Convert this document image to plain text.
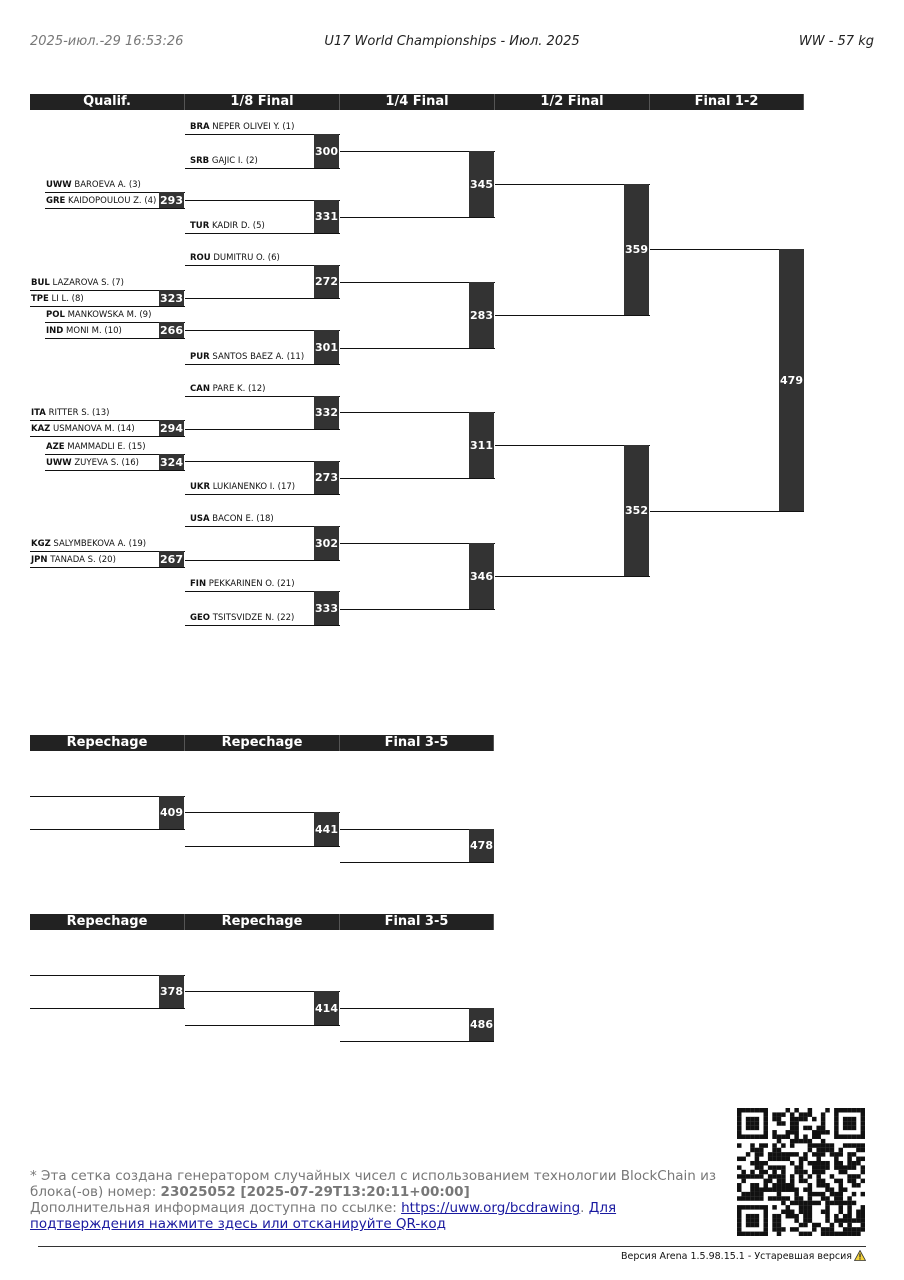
2025-июл.-29 16:53:26	U17 World Championships - Июл. 2025	WW - 57 kg
Qualif.	1/8 Final	1/4 Final	1/2 Final	Final 1-2
Repechage	Repechage	Final 3-5
Repechage	Repechage	Final 3-5
* Эта сетка создана генератором случайных чисел с использованием технологии BlockChain из блока(-ов) номер: 23025052 [2025-07-29T13:20:11+00:00]
Дополнительная информация доступна по ссылке: https://uww.org/bcdrawing. Для подтверждения нажмите здесь или отсканируйте QR-код
Версия Arena 1.5.98.15.1 - Устаревшая версия
293
UWW BAROEVA A. (3)
GRE KAIDOPOULOU Z. (4)
323
BUL LAZAROVA S. (7)
TPE LI L. (8)
266
POL MANKOWSKA M. (9)
IND MONI M. (10)
294
ITA RITTER S. (13)
KAZ USMANOVA M. (14)
324
AZE MAMMADLI E. (15)
UWW ZUYEVA S. (16)
267
KGZ SALYMBEKOVA A. (19)
JPN TANADA S. (20)
300
BRA NEPER OLIVEI Y. (1)
SRB GAJIC I. (2)
331
TUR KADIR D. (5)
272
ROU DUMITRU O. (6)
301
PUR SANTOS BAEZ A. (11)
332
CAN PARE K. (12)
273
UKR LUKIANENKO I. (17)
302
USA BACON E. (18)
333
FIN PEKKARINEN O. (21)
GEO TSITSVIDZE N. (22)
345
283
311
346
359
352
479
409
441
478
378
414
486
